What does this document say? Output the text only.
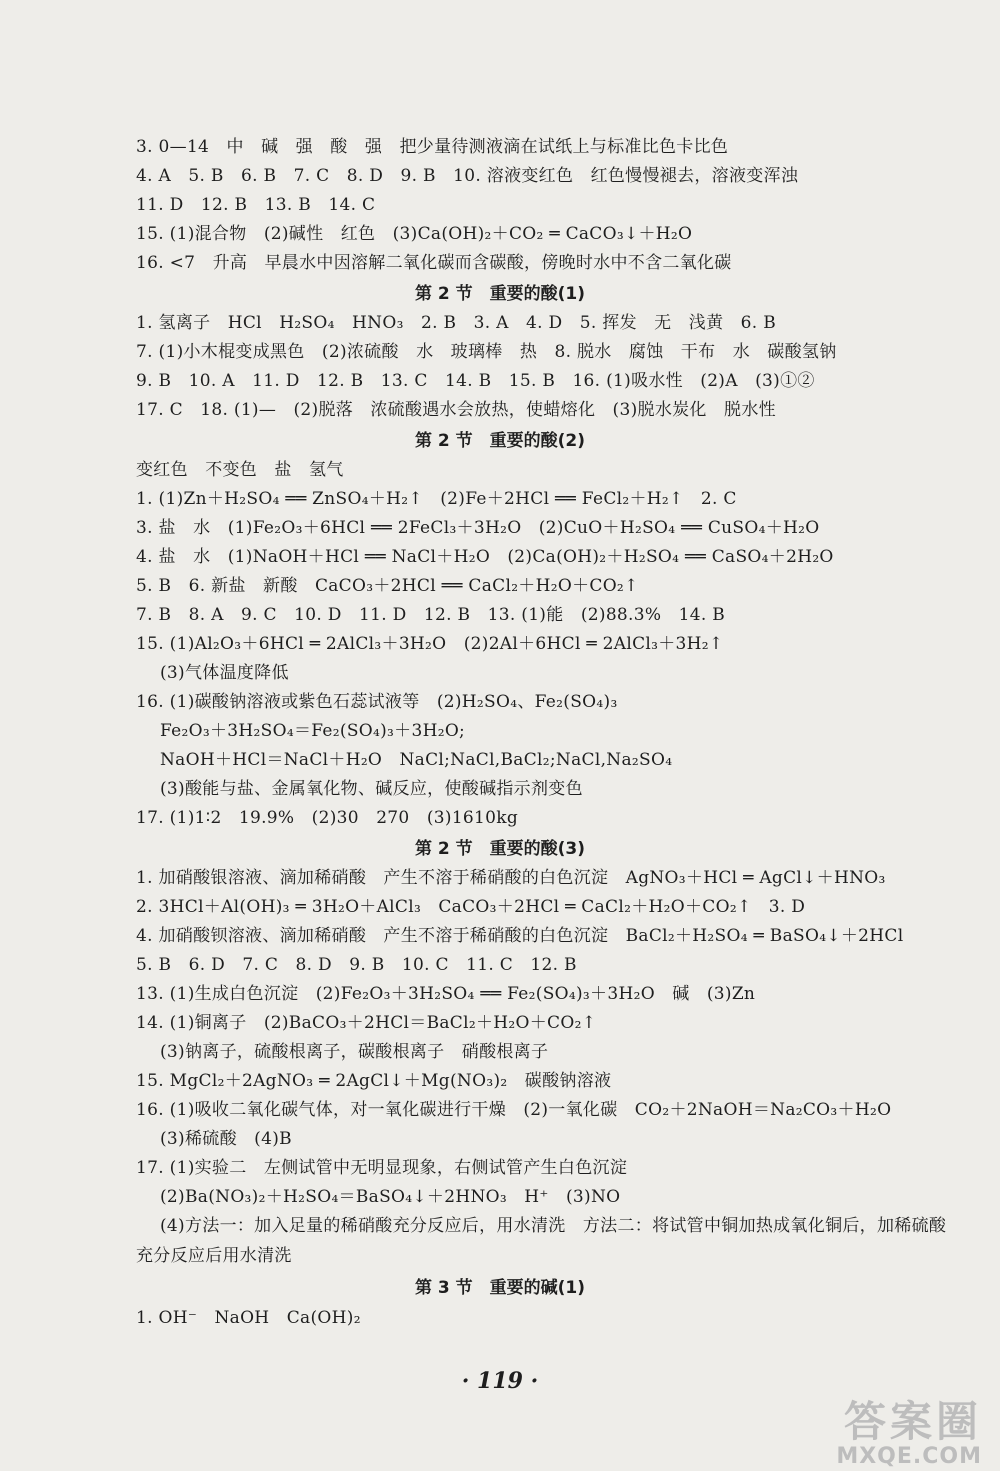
3. 0—14　中　碱　强　酸　强　把少量待测液滴在试纸上与标准比色卡比色
4. A　5. B　6. B　7. C　8. D　9. B　10. 溶液变红色　红色慢慢褪去，溶液变浑浊
11. D　12. B　13. B　14. C
15. (1)混合物　(2)碱性　红色　(3)Ca(OH)₂＋CO₂ ═ CaCO₃↓＋H₂O
16. <7　升高　早晨水中因溶解二氧化碳而含碳酸，傍晚时水中不含二氧化碳
第 2 节　重要的酸(1)
1. 氢离子　HCl　H₂SO₄　HNO₃　2. B　3. A　4. D　5. 挥发　无　浅黄　6. B
7. (1)小木棍变成黑色　(2)浓硫酸　水　玻璃棒　热　8. 脱水　腐蚀　干布　水　碳酸氢钠
9. B　10. A　11. D　12. B　13. C　14. B　15. B　16. (1)吸水性　(2)A　(3)①②
17. C　18. (1)—　(2)脱落　浓硫酸遇水会放热，使蜡熔化　(3)脱水炭化　脱水性
第 2 节　重要的酸(2)
变红色　不变色　盐　氢气
1. (1)Zn＋H₂SO₄ ══ ZnSO₄＋H₂↑　(2)Fe＋2HCl ══ FeCl₂＋H₂↑　2. C
3. 盐　水　(1)Fe₂O₃＋6HCl ══ 2FeCl₃＋3H₂O　(2)CuO＋H₂SO₄ ══ CuSO₄＋H₂O
4. 盐　水　(1)NaOH＋HCl ══ NaCl＋H₂O　(2)Ca(OH)₂＋H₂SO₄ ══ CaSO₄＋2H₂O
5. B　6. 新盐　新酸　CaCO₃＋2HCl ══ CaCl₂＋H₂O＋CO₂↑
7. B　8. A　9. C　10. D　11. D　12. B　13. (1)能　(2)88.3%　14. B
15. (1)Al₂O₃＋6HCl ═ 2AlCl₃＋3H₂O　(2)2Al＋6HCl ═ 2AlCl₃＋3H₂↑
(3)气体温度降低
16. (1)碳酸钠溶液或紫色石蕊试液等　(2)H₂SO₄、Fe₂(SO₄)₃
Fe₂O₃＋3H₂SO₄＝Fe₂(SO₄)₃＋3H₂O;
NaOH＋HCl＝NaCl＋H₂O　NaCl;NaCl,BaCl₂;NaCl,Na₂SO₄
(3)酸能与盐、金属氧化物、碱反应，使酸碱指示剂变色
17. (1)1∶2　19.9%　(2)30　270　(3)1610kg
第 2 节　重要的酸(3)
1. 加硝酸银溶液、滴加稀硝酸　产生不溶于稀硝酸的白色沉淀　AgNO₃＋HCl ═ AgCl↓＋HNO₃
2. 3HCl＋Al(OH)₃ ═ 3H₂O＋AlCl₃　CaCO₃＋2HCl ═ CaCl₂＋H₂O＋CO₂↑　3. D
4. 加硝酸钡溶液、滴加稀硝酸　产生不溶于稀硝酸的白色沉淀　BaCl₂＋H₂SO₄ ═ BaSO₄↓＋2HCl
5. B　6. D　7. C　8. D　9. B　10. C　11. C　12. B
13. (1)生成白色沉淀　(2)Fe₂O₃＋3H₂SO₄ ══ Fe₂(SO₄)₃＋3H₂O　碱　(3)Zn
14. (1)铜离子　(2)BaCO₃＋2HCl＝BaCl₂＋H₂O＋CO₂↑
(3)钠离子，硫酸根离子，碳酸根离子　硝酸根离子
15. MgCl₂＋2AgNO₃ ═ 2AgCl↓＋Mg(NO₃)₂　碳酸钠溶液
16. (1)吸收二氧化碳气体，对一氧化碳进行干燥　(2)一氧化碳　CO₂＋2NaOH＝Na₂CO₃＋H₂O
(3)稀硫酸　(4)B
17. (1)实验二　左侧试管中无明显现象，右侧试管产生白色沉淀
(2)Ba(NO₃)₂＋H₂SO₄＝BaSO₄↓＋2HNO₃　H⁺　(3)NO
(4)方法一：加入足量的稀硝酸充分反应后，用水清洗　方法二：将试管中铜加热成氧化铜后，加稀硫酸充分反应后用水清洗
第 3 节　重要的碱(1)
1. OH⁻　NaOH　Ca(OH)₂
· 119 ·
答案圈
MXQE.COM
